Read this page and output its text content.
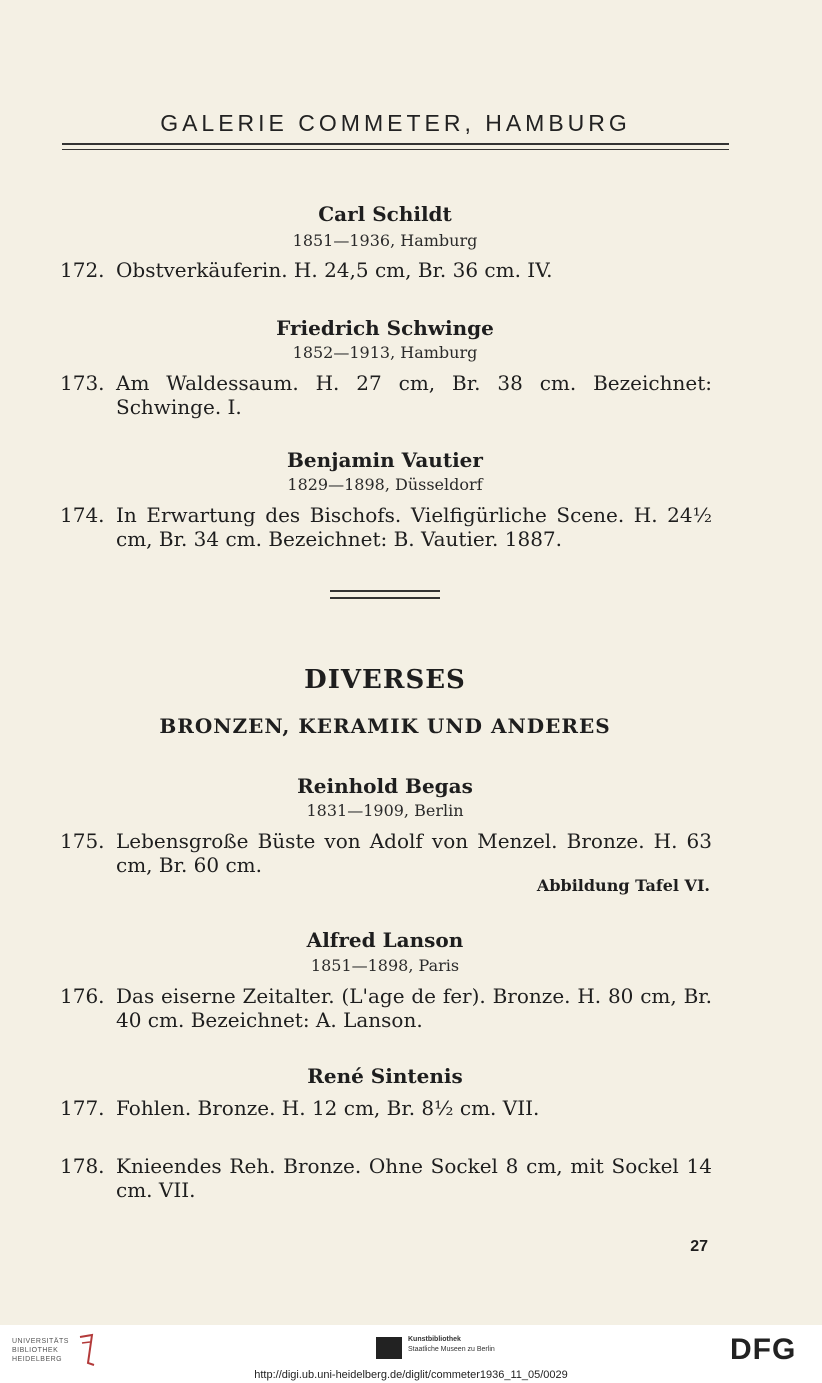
GALERIE COMMETER, HAMBURG
Carl Schildt
1851—1936, Hamburg
172. Obstverkäuferin. H. 24,5 cm, Br. 36 cm. IV.
Friedrich Schwinge
1852—1913, Hamburg
173. Am Waldessaum. H. 27 cm, Br. 38 cm. Bezeichnet: Schwinge. I.
Benjamin Vautier
1829—1898, Düsseldorf
174. In Erwartung des Bischofs. Vielfigürliche Scene. H. 24½ cm, Br. 34 cm. Bezeichnet: B. Vautier. 1887.
DIVERSES
BRONZEN, KERAMIK UND ANDERES
Reinhold Begas
1831—1909, Berlin
175. Lebensgroße Büste von Adolf von Menzel. Bronze. H. 63 cm, Br. 60 cm.
Abbildung Tafel VI.
Alfred Lanson
1851—1898, Paris
176. Das eiserne Zeitalter. (L'age de fer). Bronze. H. 80 cm, Br. 40 cm. Bezeichnet: A. Lanson.
René Sintenis
177. Fohlen. Bronze. H. 12 cm, Br. 8½ cm. VII.
178. Knieendes Reh. Bronze. Ohne Sockel 8 cm, mit Sockel 14 cm. VII.
27
UNIVERSITÄTS BIBLIOTHEK HEIDELBERG
Kunstbibliothek
Staatliche Museen zu Berlin	DFG
http://digi.ub.uni-heidelberg.de/diglit/commeter1936_11_05/0029
